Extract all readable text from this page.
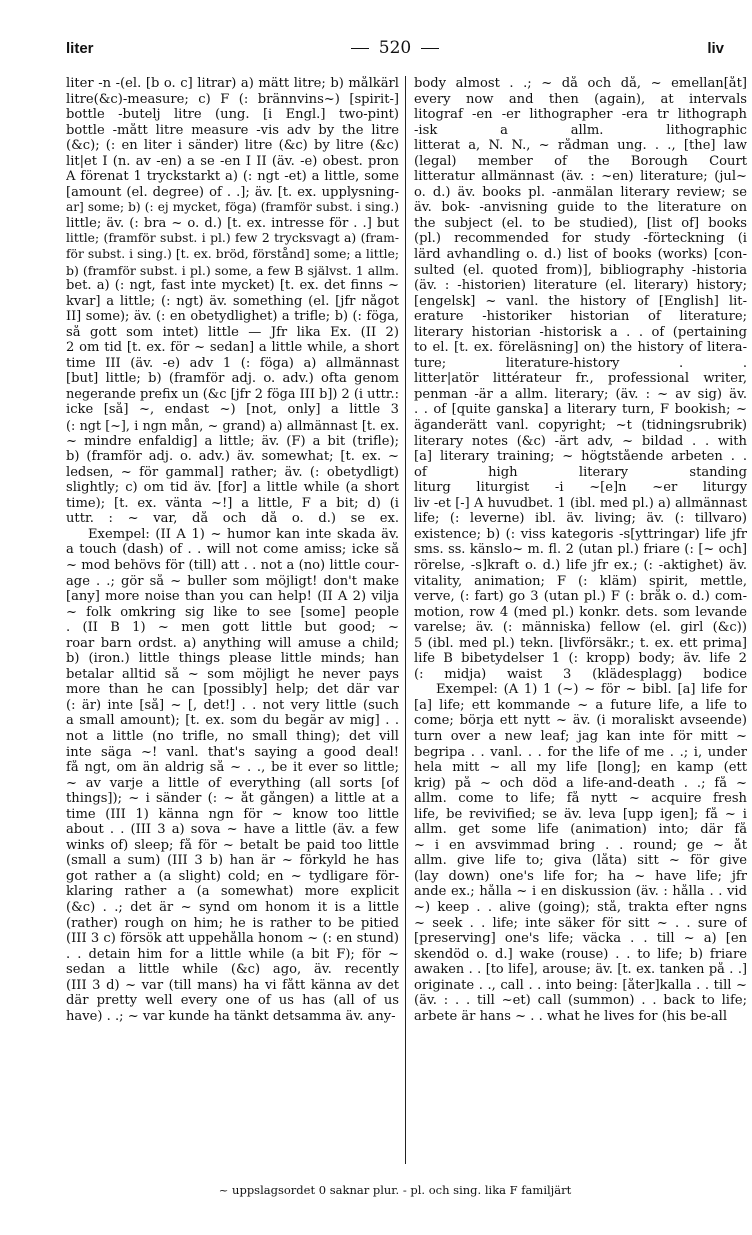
liter	520	liv
liter -n -(el. [b o. c] litrar) a) mätt litre; b) målkärl
litre(&c)-measure; c) F (: brännvins~) [spirit-]
bottle -butelj litre (ung. [i Engl.] two-pint)
bottle -mått litre measure -vis adv by the litre
(&c); (: en liter i sänder) litre (&c) by litre (&c)
lit|et I (n. av -en) a se -en I II (äv. -e) obest. pron
A förenat 1 tryckstarkt a) (: ngt -et) a little, some
[amount (el. degree) of . .]; äv. [t. ex. upplysning-
ar] some; b) (: ej mycket, föga) (framför subst. i sing.)
little; äv. (: bra ~ o. d.) [t. ex. intresse för . .] but
little; (framför subst. i pl.) few 2 trycksvagt a) (fram-
för subst. i sing.) [t. ex. bröd, förstånd] some; a little;
b) (framför subst. i pl.) some, a few B självst. 1 allm.
bet. a) (: ngt, fast inte mycket) [t. ex. det finns ~
kvar] a little; (: ngt) äv. something (el. [jfr något
II] some); äv. (: en obetydlighet) a trifle; b) (: föga,
så gott som intet) little — Jfr lika Ex. (II 2)
2 om tid [t. ex. för ~ sedan] a little while, a short
time III (äv. -e) adv 1 (: föga) a) allmännast
[but] little; b) (framför adj. o. adv.) ofta genom
negerande prefix un (&c [jfr 2 föga III b]) 2 (i uttr.:
icke [så] ~, endast ~) [not, only] a little 3
(: ngt [~], i ngn mån, ~ grand) a) allmännast [t. ex.
~ mindre enfaldig] a little; äv. (F) a bit (trifle);
b) (framför adj. o. adv.) äv. somewhat; [t. ex. ~
ledsen, ~ för gammal] rather; äv. (: obetydligt)
slightly; c) om tid äv. [for] a little while (a short
time); [t. ex. vänta ~!] a little, F a bit; d) (i
uttr. : ~ var, då och då o. d.) se ex.
Exempel: (II A 1) ~ humor kan inte skada äv.
a touch (dash) of . . will not come amiss; icke så
~ mod behövs för (till) att . . not a (no) little cour-
age . .; gör så ~ buller som möjligt! don't make
[any] more noise than you can help! (II A 2) vilja
~ folk omkring sig like to see [some] people
. (II B 1) ~ men gott little but good; ~
roar barn ordst. a) anything will amuse a child;
b) (iron.) little things please little minds; han
betalar alltid så ~ som möjligt he never pays
more than he can [possibly] help; det där var
(: är) inte [så] ~ [, det!] . . not very little (such
a small amount); [t. ex. som du begär av mig] . .
not a little (no trifle, no small thing); det vill
inte säga ~! vanl. that's saying a good deal!
få ngt, om än aldrig så ~ . ., be it ever so little;
~ av varje a little of everything (all sorts [of
things]); ~ i sänder (: ~ åt gången) a little at a
time (III 1) känna ngn för ~ know too little
about . . (III 3 a) sova ~ have a little (äv. a few
winks of) sleep; få för ~ betalt be paid too little
(small a sum) (III 3 b) han är ~ förkyld he has
got rather a (a slight) cold; en ~ tydligare för-
klaring rather a (a somewhat) more explicit
(&c) . .; det är ~ synd om honom it is a little
(rather) rough on him; he is rather to be pitied
(III 3 c) försök att uppehålla honom ~ (: en stund)
. . detain him for a little while (a bit F); för ~
sedan a little while (&c) ago, äv. recently
(III 3 d) ~ var (till mans) ha vi fått känna av det
där pretty well every one of us has (all of us
have) . .; ~ var kunde ha tänkt detsamma äv. any-
body almost . .; ~ då och då, ~ emellan[åt]
every now and then (again), at intervals
litograf -en -er lithographer -era tr lithograph
-isk a allm. lithographic
litterat a, N. N., ~ rådman ung. . ., [the] law
(legal) member of the Borough Court
litteratur allmännast (äv. : ~en) literature; (jul~
o. d.) äv. books pl. -anmälan literary review; se
äv. bok- -anvisning guide to the literature on
the subject (el. to be studied), [list of] books
(pl.) recommended for study -förteckning (i
lärd avhandling o. d.) list of books (works) [con-
sulted (el. quoted from)], bibliography -historia
(äv. : -historien) literature (el. literary) history;
[engelsk] ~ vanl. the history of [English] lit-
erature -historiker historian of literature;
literary historian -historisk a . . of (pertaining
to el. [t. ex. föreläsning] on) the history of litera-
ture; literature-history . .
litter|atör littérateur fr., professional writer,
penman -är a allm. literary; (äv. : ~ av sig) äv.
. . of [quite ganska] a literary turn, F bookish; ~
äganderätt vanl. copyright; ~t (tidningsrubrik)
literary notes (&c) -ärt adv, ~ bildad . . with
[a] literary training; ~ högtstående arbeten . .
of high literary standing
liturg liturgist -i ~[e]n ~er liturgy
liv -et [-] A huvudbet. 1 (ibl. med pl.) a) allmännast
life; (: leverne) ibl. äv. living; äv. (: tillvaro)
existence; b) (: viss kategoris -s[yttringar) life jfr
sms. ss. känslo~ m. fl. 2 (utan pl.) friare (: [~ och]
rörelse, -s]kraft o. d.) life jfr ex.; (: -aktighet) äv.
vitality, animation; F (: kläm) spirit, mettle,
verve, (: fart) go 3 (utan pl.) F (: bråk o. d.) com-
motion, row 4 (med pl.) konkr. dets. som levande
varelse; äv. (: människa) fellow (el. girl (&c))
5 (ibl. med pl.) tekn. [livförsäkr.; t. ex. ett prima]
life B bibetydelser 1 (: kropp) body; äv. life 2
(: midja) waist 3 (klädesplagg) bodice
Exempel: (A 1) 1 (~) ~ för ~ bibl. [a] life for
[a] life; ett kommande ~ a future life, a life to
come; börja ett nytt ~ äv. (i moraliskt avseende)
turn over a new leaf; jag kan inte för mitt ~
begripa . . vanl. . . for the life of me . .; i, under
hela mitt ~ all my life [long]; en kamp (ett
krig) på ~ och död a life-and-death . .; få ~
allm. come to life; få nytt ~ acquire fresh
life, be revivified; se äv. leva [upp igen]; få ~ i
allm. get some life (animation) into; där få
~ i en avsvimmad bring . . round; ge ~ åt
allm. give life to; giva (låta) sitt ~ för give
(lay down) one's life for; ha ~ have life; jfr
ande ex.; hålla ~ i en diskussion (äv. : hålla . . vid
~) keep . . alive (going); stå, trakta efter ngns
~ seek . . life; inte säker för sitt ~ . . sure of
[preserving] one's life; väcka . . till ~ a) [en
skendöd o. d.] wake (rouse) . . to life; b) friare
awaken . . [to life], arouse; äv. [t. ex. tanken på . .]
originate . ., call . . into being: [åter]kalla . . till ~
(äv. : . . till ~et) call (summon) . . back to life;
arbete är hans ~ . . what he lives for (his be-all
~ uppslagsordet 0 saknar plur. - pl. och sing. lika F familjärt
